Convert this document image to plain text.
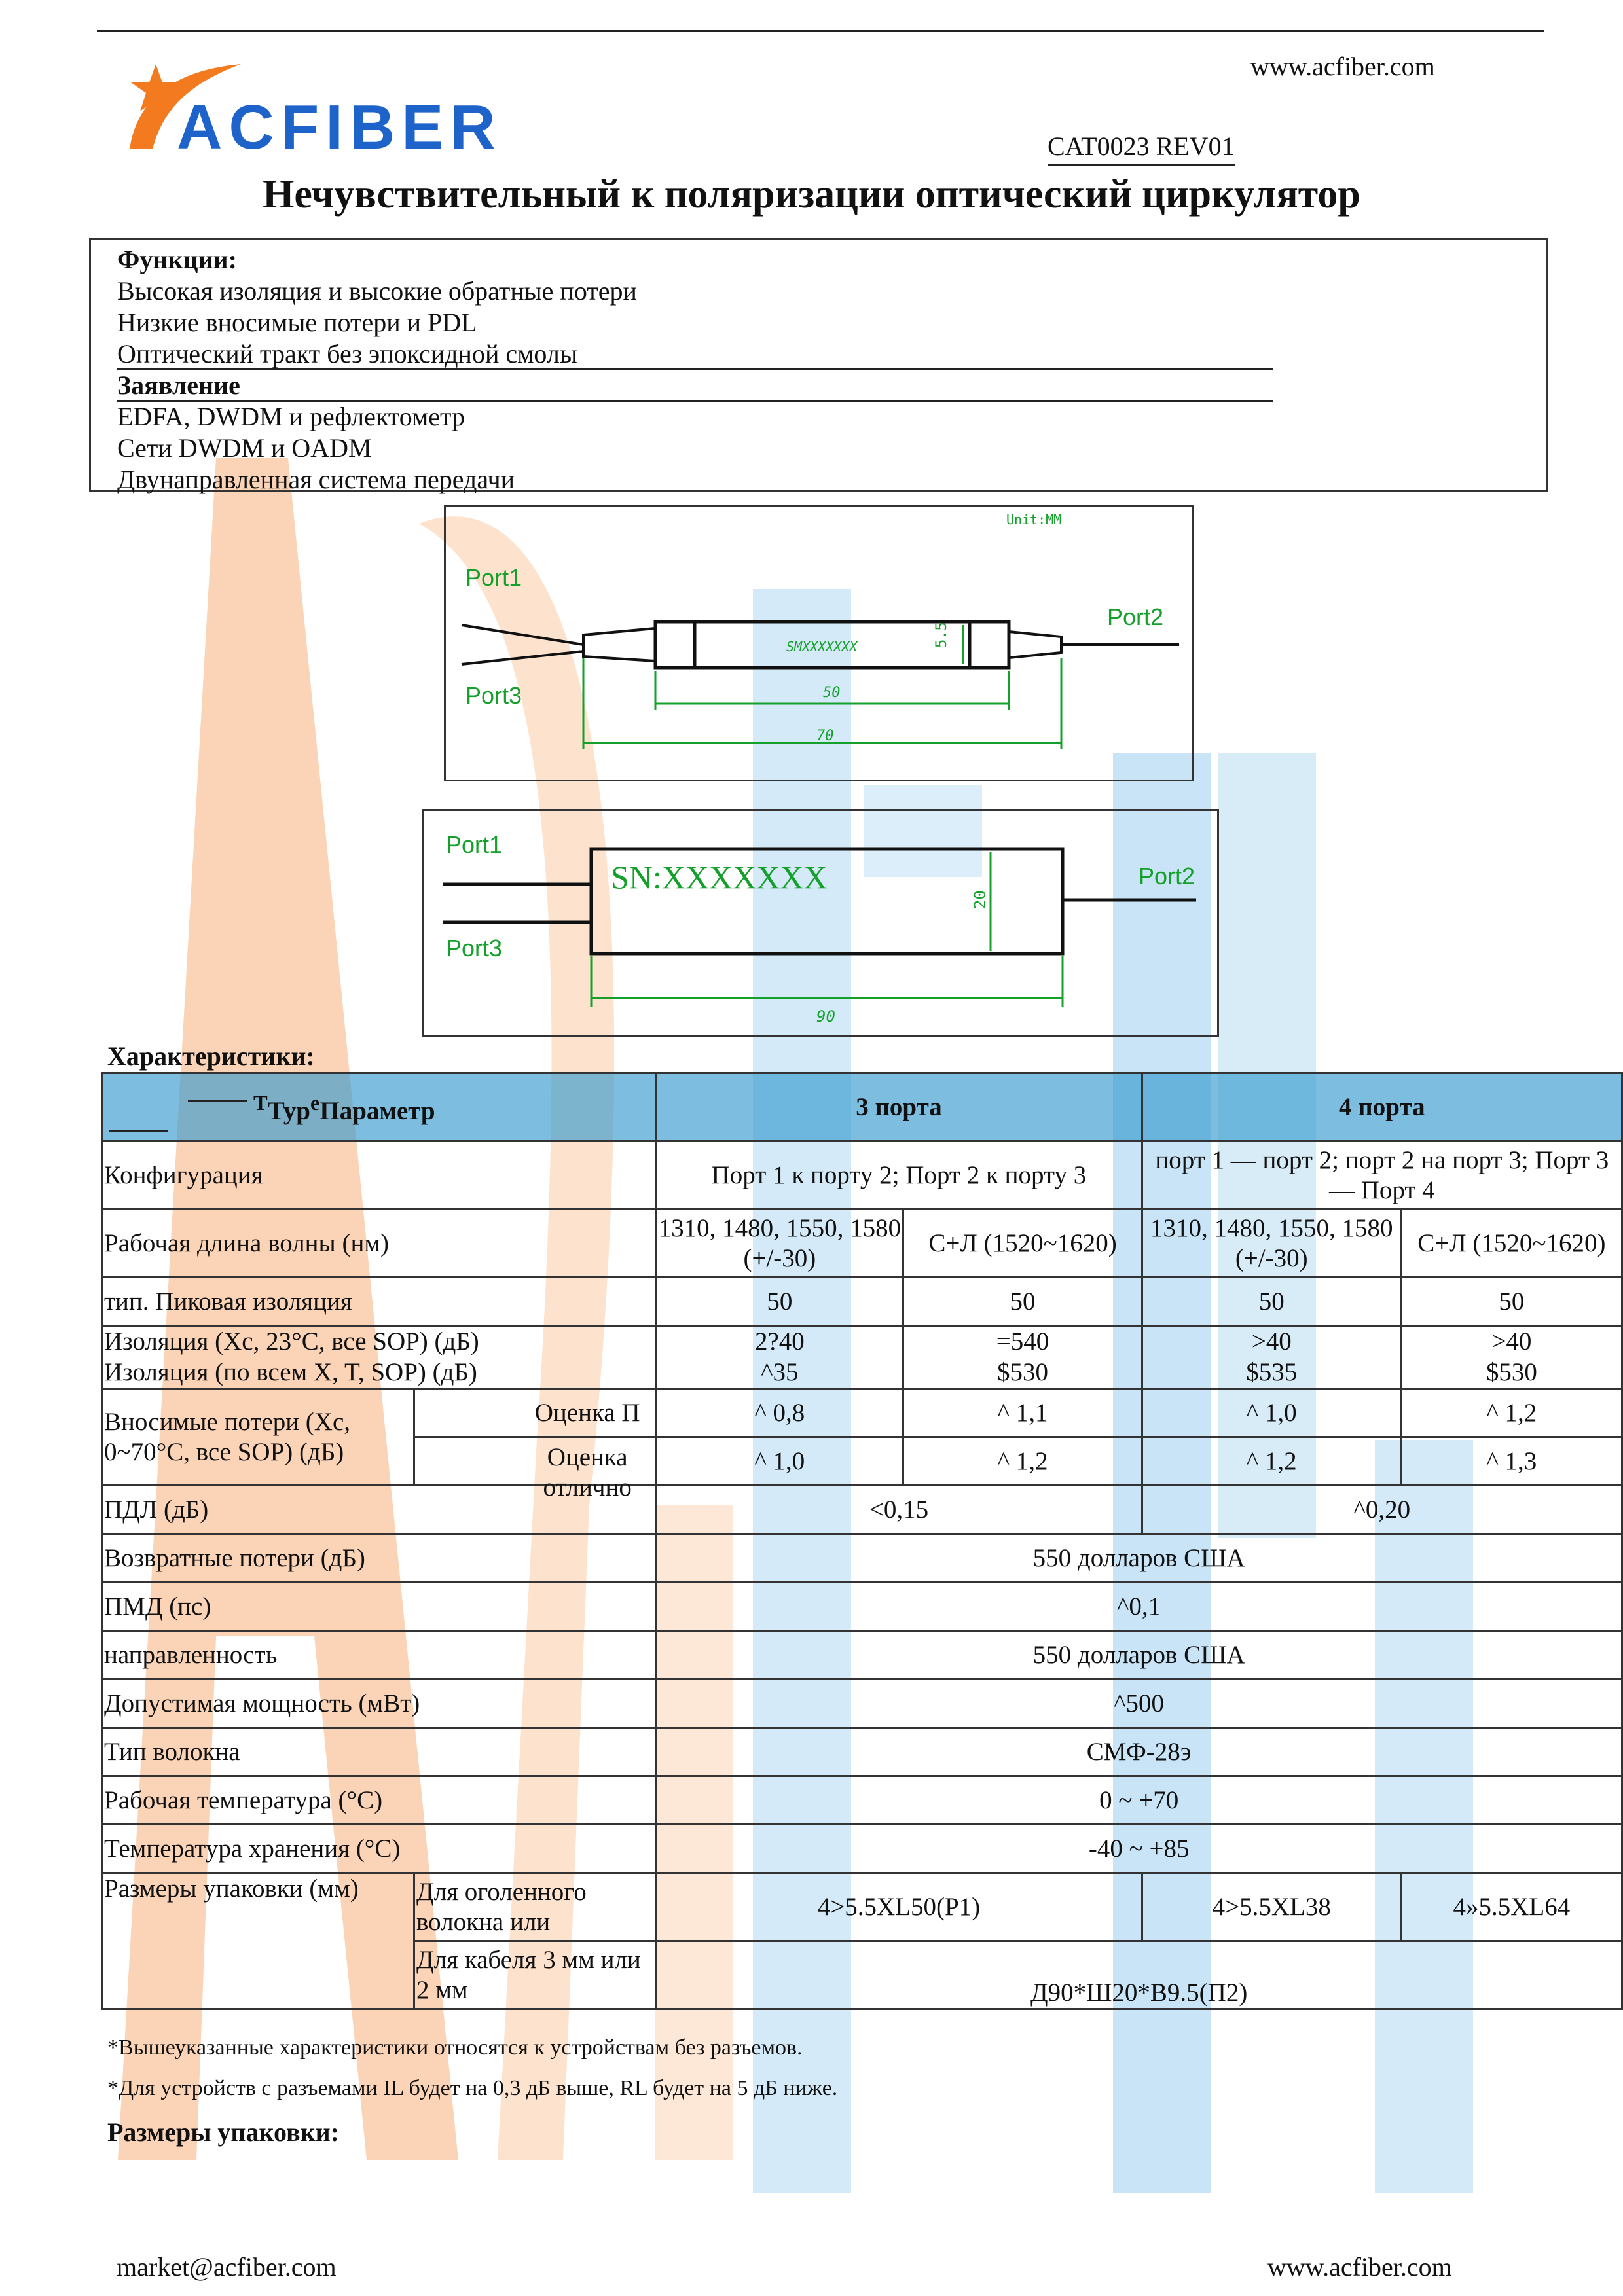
ACFIBER
www.acfiber.com
CAT0023 REV01
Нечувствительный к поляризации оптический циркулятор
Функции:
Высокая изоляция и высокие обратные потери
Низкие вносимые потери и PDL
Оптический тракт без эпоксидной смолы
Заявление
EDFA, DWDM и рефлектометр
Сети DWDM и OADM
Двунаправленная система передачи
Unit:MM
Port1
Port3
Port2
SMXXXXXXX	5.5
50
70
Port1
Port3
Port2
SN:XXXXXXX
20
90
Характеристики:
$^T$Тур$^e$Параметр		3 порта		4 порта	
Конфигурация		Порт 1 к порту 2; Порт 2 к порту 3		порт 1 — порт 2; порт 2 на порт 3; Порт 3 — Порт 4	
Рабочая длина волны (нм)		1310, 1480, 1550, 1580 (+/-30)	C+Л (1520~1620)	1310, 1480, 1550, 1580 (+/-30)	C+Л (1520~1620)
тип. Пиковая изоляция		50	50	50	50
Изоляция (Хс, 23°С, все SOP) (дБ)		2?40	=540	>40	>40
Изоляция (по всем X, T, SOP) (дБ)		^35	$530	$535	$530

Вносимые потери (Хс, 0~70°С, все SOP) (дБ)	Оценка П	^ 0,8	^ 1,1	^ 1,0	^ 1,2

	Оценка отлично	^ 1,0	^ 1,2	^ 1,2	^ 1,3
ПДЛ (дБ)		<0,15		^0,20	
Возвратные потери (дБ)		550 долларов США			
ПМД (пс)		^0,1			
направленность		550 долларов США			
Допустимая мощность (мВт)		^500			
Тип волокна		СМФ-28э			
Рабочая температура (°C)		0 ~ +70			
Температура хранения (°C)		-40 ~ +85			
Размеры упаковки (мм)	Для оголенного волокна или	4>5.5XL50(P1)		4>5.5XL38	4»5.5XL64
	Для кабеля 3 мм или 2 мм	Д90*Ш20*В9.5(П2)			
*Вышеуказанные характеристики относятся к устройствам без разъемов.
*Для устройств с разъемами IL будет на 0,3 дБ выше, RL будет на 5 дБ ниже.
Размеры упаковки:
market@acfiber.com	www.acfiber.com
